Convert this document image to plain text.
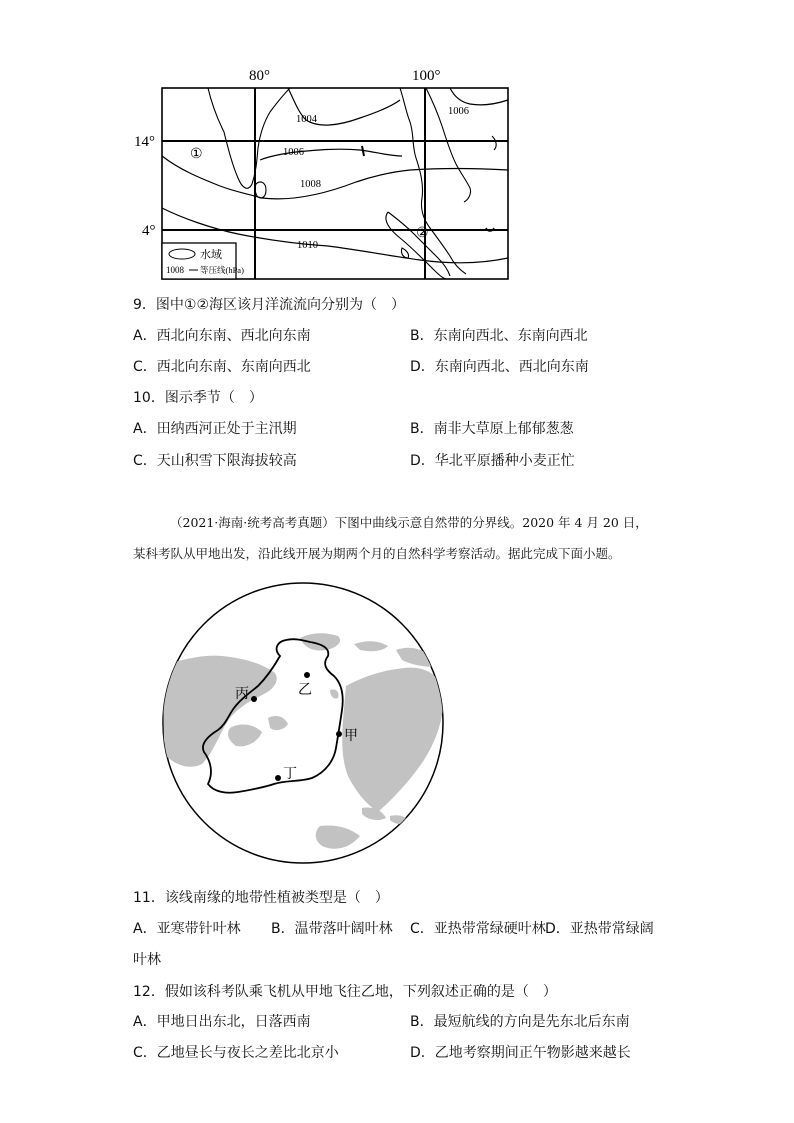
80°	100°
14°
4°
1004
1006
1006
1008
1010
①
②
水域
1008 等压线(hPa)
9．图中①②海区该月洋流流向分别为（　）
A．西北向东南、西北向东南	B．东南向西北、东南向西北
C．西北向东南、东南向西北	D．东南向西北、西北向东南
10．图示季节（　）
A．田纳西河正处于主汛期	B．南非大草原上郁郁葱葱
C．天山积雪下限海拔较高	D．华北平原播种小麦正忙
（2021·海南·统考高考真题）下图中曲线示意自然带的分界线。2020 年 4 月 20 日，
某科考队从甲地出发，沿此线开展为期两个月的自然科学考察活动。据此完成下面小题。
乙
丙
甲
丁
11．该线南缘的地带性植被类型是（　）
A．亚寒带针叶林 B．温带落叶阔叶林 C．亚热带常绿硬叶林 D．亚热带常绿阔
叶林
12．假如该科考队乘飞机从甲地飞往乙地，下列叙述正确的是（　）
A．甲地日出东北，日落西南	B．最短航线的方向是先东北后东南
C．乙地昼长与夜长之差比北京小	D．乙地考察期间正午物影越来越长
